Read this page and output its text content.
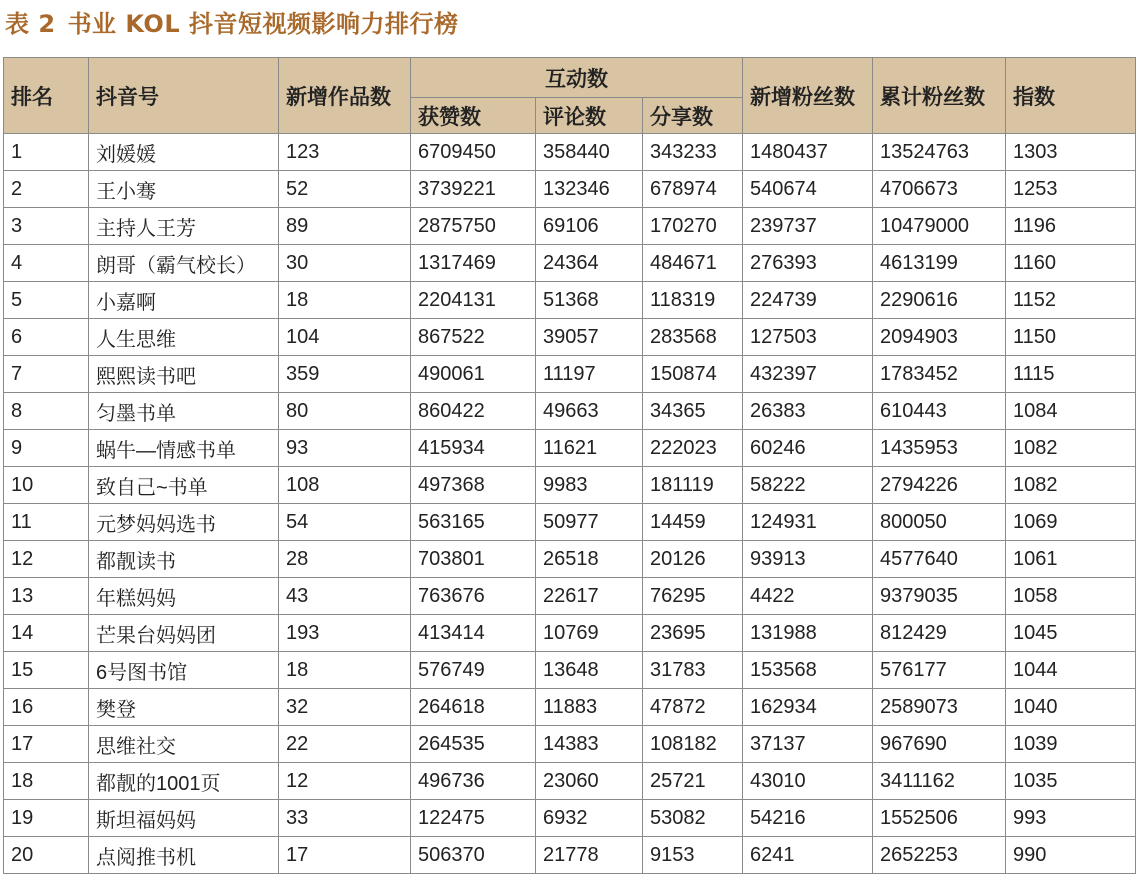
表 2 书业 KOL 抖音短视频影响力排行榜
排名	抖音号	新增作品数	互动数			新增粉丝数	累计粉丝数	指数
			获赞数	评论数	分享数			
1	刘媛媛	123	6709450	358440	343233	1480437	13524763	1303
2	王小骞	52	3739221	132346	678974	540674	4706673	1253
3	主持人王芳	89	2875750	69106	170270	239737	10479000	1196
4	朗哥（霸气校长）	30	1317469	24364	484671	276393	4613199	1160
5	小嘉啊	18	2204131	51368	118319	224739	2290616	1152
6	人生思维	104	867522	39057	283568	127503	2094903	1150
7	熙熙读书吧	359	490061	11197	150874	432397	1783452	1115
8	匀墨书单	80	860422	49663	34365	26383	610443	1084
9	蜗牛—情感书单	93	415934	11621	222023	60246	1435953	1082
10	致自己~书单	108	497368	9983	181119	58222	2794226	1082
11	元梦妈妈选书	54	563165	50977	14459	124931	800050	1069
12	都靓读书	28	703801	26518	20126	93913	4577640	1061
13	年糕妈妈	43	763676	22617	76295	4422	9379035	1058
14	芒果台妈妈团	193	413414	10769	23695	131988	812429	1045
15	6号图书馆	18	576749	13648	31783	153568	576177	1044
16	樊登	32	264618	11883	47872	162934	2589073	1040
17	思维社交	22	264535	14383	108182	37137	967690	1039
18	都靓的1001页	12	496736	23060	25721	43010	3411162	1035
19	斯坦福妈妈	33	122475	6932	53082	54216	1552506	993
20	点阅推书机	17	506370	21778	9153	6241	2652253	990
